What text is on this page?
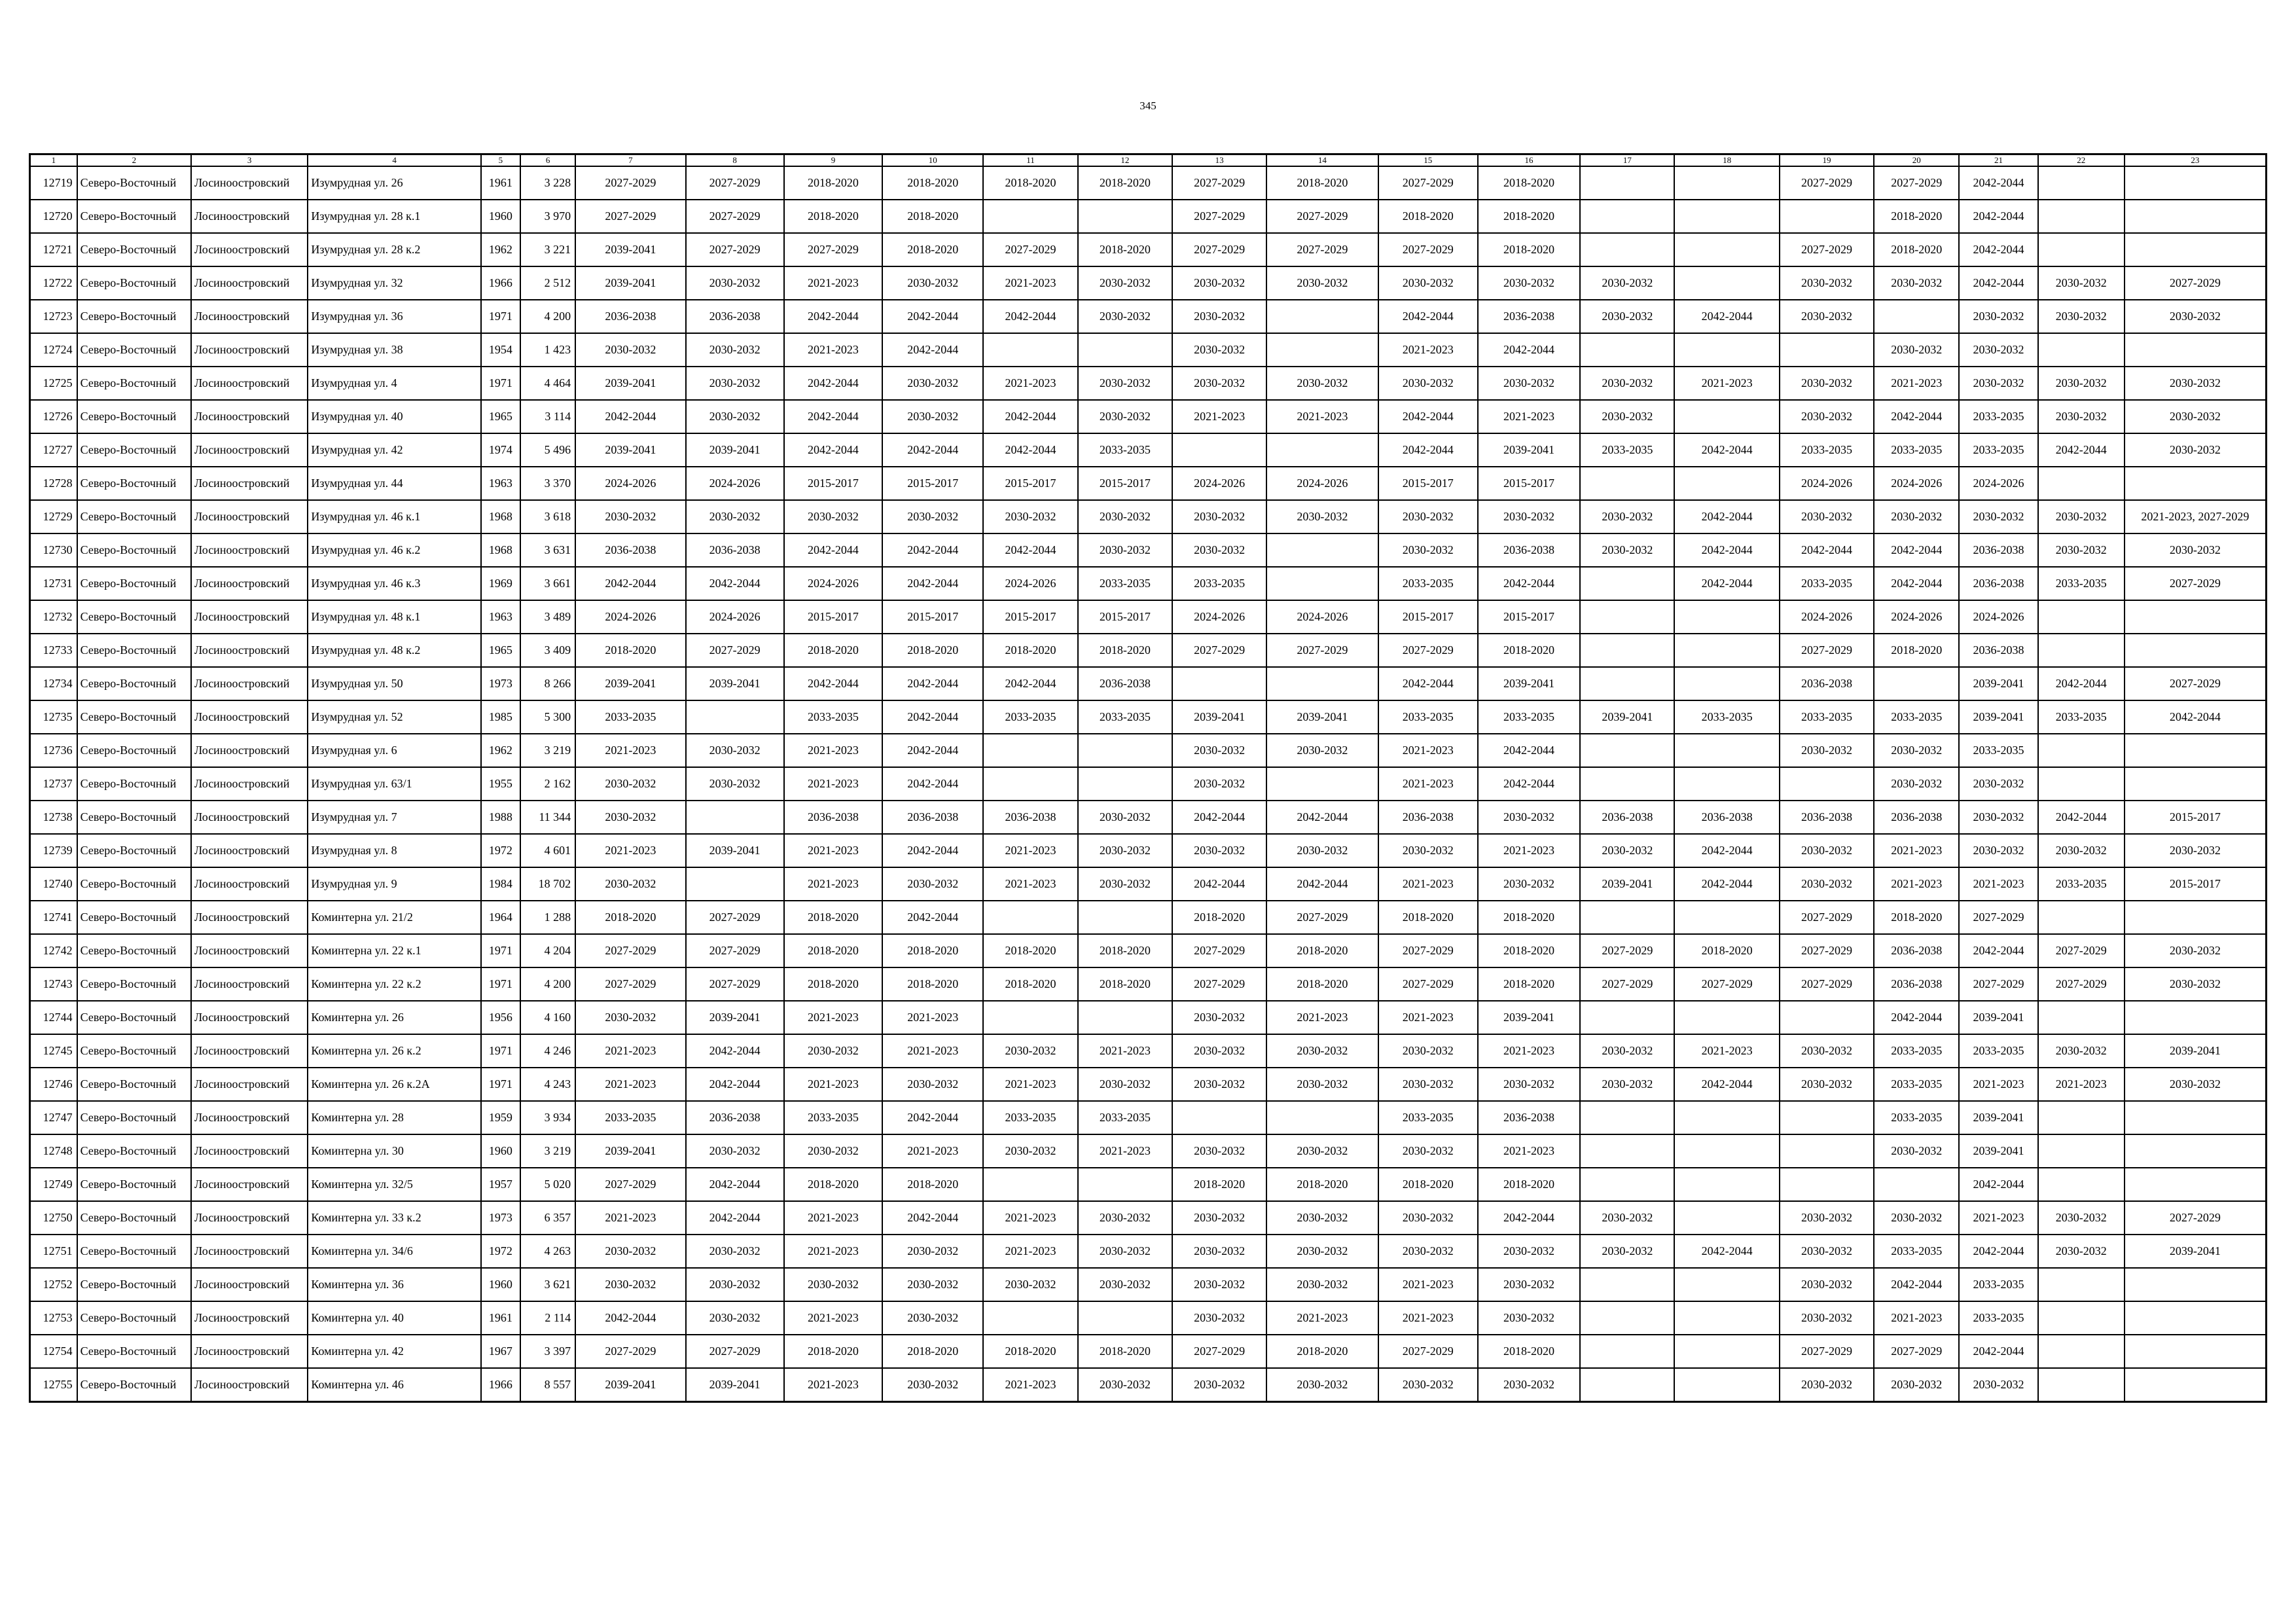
345
1	2	3	4	5	6	7	8	9	10	11	12	13	14	15	16	17	18	19	20	21	22	23
12719	Северо-Восточный	Лосиноостровский	Изумрудная ул. 26	1961	3 228	2027-2029	2027-2029	2018-2020	2018-2020	2018-2020	2018-2020	2027-2029	2018-2020	2027-2029	2018-2020			2027-2029	2027-2029	2042-2044		
12720	Северо-Восточный	Лосиноостровский	Изумрудная ул. 28 к.1	1960	3 970	2027-2029	2027-2029	2018-2020	2018-2020			2027-2029	2027-2029	2018-2020	2018-2020				2018-2020	2042-2044		
12721	Северо-Восточный	Лосиноостровский	Изумрудная ул. 28 к.2	1962	3 221	2039-2041	2027-2029	2027-2029	2018-2020	2027-2029	2018-2020	2027-2029	2027-2029	2027-2029	2018-2020			2027-2029	2018-2020	2042-2044		
12722	Северо-Восточный	Лосиноостровский	Изумрудная ул. 32	1966	2 512	2039-2041	2030-2032	2021-2023	2030-2032	2021-2023	2030-2032	2030-2032	2030-2032	2030-2032	2030-2032	2030-2032		2030-2032	2030-2032	2042-2044	2030-2032	2027-2029
12723	Северо-Восточный	Лосиноостровский	Изумрудная ул. 36	1971	4 200	2036-2038	2036-2038	2042-2044	2042-2044	2042-2044	2030-2032	2030-2032		2042-2044	2036-2038	2030-2032	2042-2044	2030-2032		2030-2032	2030-2032	2030-2032
12724	Северо-Восточный	Лосиноостровский	Изумрудная ул. 38	1954	1 423	2030-2032	2030-2032	2021-2023	2042-2044			2030-2032		2021-2023	2042-2044				2030-2032	2030-2032		
12725	Северо-Восточный	Лосиноостровский	Изумрудная ул. 4	1971	4 464	2039-2041	2030-2032	2042-2044	2030-2032	2021-2023	2030-2032	2030-2032	2030-2032	2030-2032	2030-2032	2030-2032	2021-2023	2030-2032	2021-2023	2030-2032	2030-2032	2030-2032
12726	Северо-Восточный	Лосиноостровский	Изумрудная ул. 40	1965	3 114	2042-2044	2030-2032	2042-2044	2030-2032	2042-2044	2030-2032	2021-2023	2021-2023	2042-2044	2021-2023	2030-2032		2030-2032	2042-2044	2033-2035	2030-2032	2030-2032
12727	Северо-Восточный	Лосиноостровский	Изумрудная ул. 42	1974	5 496	2039-2041	2039-2041	2042-2044	2042-2044	2042-2044	2033-2035			2042-2044	2039-2041	2033-2035	2042-2044	2033-2035	2033-2035	2033-2035	2042-2044	2030-2032
12728	Северо-Восточный	Лосиноостровский	Изумрудная ул. 44	1963	3 370	2024-2026	2024-2026	2015-2017	2015-2017	2015-2017	2015-2017	2024-2026	2024-2026	2015-2017	2015-2017			2024-2026	2024-2026	2024-2026		
12729	Северо-Восточный	Лосиноостровский	Изумрудная ул. 46 к.1	1968	3 618	2030-2032	2030-2032	2030-2032	2030-2032	2030-2032	2030-2032	2030-2032	2030-2032	2030-2032	2030-2032	2030-2032	2042-2044	2030-2032	2030-2032	2030-2032	2030-2032	2021-2023, 2027-2029
12730	Северо-Восточный	Лосиноостровский	Изумрудная ул. 46 к.2	1968	3 631	2036-2038	2036-2038	2042-2044	2042-2044	2042-2044	2030-2032	2030-2032		2030-2032	2036-2038	2030-2032	2042-2044	2042-2044	2042-2044	2036-2038	2030-2032	2030-2032
12731	Северо-Восточный	Лосиноостровский	Изумрудная ул. 46 к.3	1969	3 661	2042-2044	2042-2044	2024-2026	2042-2044	2024-2026	2033-2035	2033-2035		2033-2035	2042-2044		2042-2044	2033-2035	2042-2044	2036-2038	2033-2035	2027-2029
12732	Северо-Восточный	Лосиноостровский	Изумрудная ул. 48 к.1	1963	3 489	2024-2026	2024-2026	2015-2017	2015-2017	2015-2017	2015-2017	2024-2026	2024-2026	2015-2017	2015-2017			2024-2026	2024-2026	2024-2026		
12733	Северо-Восточный	Лосиноостровский	Изумрудная ул. 48 к.2	1965	3 409	2018-2020	2027-2029	2018-2020	2018-2020	2018-2020	2018-2020	2027-2029	2027-2029	2027-2029	2018-2020			2027-2029	2018-2020	2036-2038		
12734	Северо-Восточный	Лосиноостровский	Изумрудная ул. 50	1973	8 266	2039-2041	2039-2041	2042-2044	2042-2044	2042-2044	2036-2038			2042-2044	2039-2041			2036-2038		2039-2041	2042-2044	2027-2029
12735	Северо-Восточный	Лосиноостровский	Изумрудная ул. 52	1985	5 300	2033-2035		2033-2035	2042-2044	2033-2035	2033-2035	2039-2041	2039-2041	2033-2035	2033-2035	2039-2041	2033-2035	2033-2035	2033-2035	2039-2041	2033-2035	2042-2044
12736	Северо-Восточный	Лосиноостровский	Изумрудная ул. 6	1962	3 219	2021-2023	2030-2032	2021-2023	2042-2044			2030-2032	2030-2032	2021-2023	2042-2044			2030-2032	2030-2032	2033-2035		
12737	Северо-Восточный	Лосиноостровский	Изумрудная ул. 63/1	1955	2 162	2030-2032	2030-2032	2021-2023	2042-2044			2030-2032		2021-2023	2042-2044				2030-2032	2030-2032		
12738	Северо-Восточный	Лосиноостровский	Изумрудная ул. 7	1988	11 344	2030-2032		2036-2038	2036-2038	2036-2038	2030-2032	2042-2044	2042-2044	2036-2038	2030-2032	2036-2038	2036-2038	2036-2038	2036-2038	2030-2032	2042-2044	2015-2017
12739	Северо-Восточный	Лосиноостровский	Изумрудная ул. 8	1972	4 601	2021-2023	2039-2041	2021-2023	2042-2044	2021-2023	2030-2032	2030-2032	2030-2032	2030-2032	2021-2023	2030-2032	2042-2044	2030-2032	2021-2023	2030-2032	2030-2032	2030-2032
12740	Северо-Восточный	Лосиноостровский	Изумрудная ул. 9	1984	18 702	2030-2032		2021-2023	2030-2032	2021-2023	2030-2032	2042-2044	2042-2044	2021-2023	2030-2032	2039-2041	2042-2044	2030-2032	2021-2023	2021-2023	2033-2035	2015-2017
12741	Северо-Восточный	Лосиноостровский	Коминтерна ул. 21/2	1964	1 288	2018-2020	2027-2029	2018-2020	2042-2044			2018-2020	2027-2029	2018-2020	2018-2020			2027-2029	2018-2020	2027-2029		
12742	Северо-Восточный	Лосиноостровский	Коминтерна ул. 22 к.1	1971	4 204	2027-2029	2027-2029	2018-2020	2018-2020	2018-2020	2018-2020	2027-2029	2018-2020	2027-2029	2018-2020	2027-2029	2018-2020	2027-2029	2036-2038	2042-2044	2027-2029	2030-2032
12743	Северо-Восточный	Лосиноостровский	Коминтерна ул. 22 к.2	1971	4 200	2027-2029	2027-2029	2018-2020	2018-2020	2018-2020	2018-2020	2027-2029	2018-2020	2027-2029	2018-2020	2027-2029	2027-2029	2027-2029	2036-2038	2027-2029	2027-2029	2030-2032
12744	Северо-Восточный	Лосиноостровский	Коминтерна ул. 26	1956	4 160	2030-2032	2039-2041	2021-2023	2021-2023			2030-2032	2021-2023	2021-2023	2039-2041				2042-2044	2039-2041		
12745	Северо-Восточный	Лосиноостровский	Коминтерна ул. 26 к.2	1971	4 246	2021-2023	2042-2044	2030-2032	2021-2023	2030-2032	2021-2023	2030-2032	2030-2032	2030-2032	2021-2023	2030-2032	2021-2023	2030-2032	2033-2035	2033-2035	2030-2032	2039-2041
12746	Северо-Восточный	Лосиноостровский	Коминтерна ул. 26 к.2А	1971	4 243	2021-2023	2042-2044	2021-2023	2030-2032	2021-2023	2030-2032	2030-2032	2030-2032	2030-2032	2030-2032	2030-2032	2042-2044	2030-2032	2033-2035	2021-2023	2021-2023	2030-2032
12747	Северо-Восточный	Лосиноостровский	Коминтерна ул. 28	1959	3 934	2033-2035	2036-2038	2033-2035	2042-2044	2033-2035	2033-2035			2033-2035	2036-2038				2033-2035	2039-2041		
12748	Северо-Восточный	Лосиноостровский	Коминтерна ул. 30	1960	3 219	2039-2041	2030-2032	2030-2032	2021-2023	2030-2032	2021-2023	2030-2032	2030-2032	2030-2032	2021-2023				2030-2032	2039-2041		
12749	Северо-Восточный	Лосиноостровский	Коминтерна ул. 32/5	1957	5 020	2027-2029	2042-2044	2018-2020	2018-2020			2018-2020	2018-2020	2018-2020	2018-2020					2042-2044		
12750	Северо-Восточный	Лосиноостровский	Коминтерна ул. 33 к.2	1973	6 357	2021-2023	2042-2044	2021-2023	2042-2044	2021-2023	2030-2032	2030-2032	2030-2032	2030-2032	2042-2044	2030-2032		2030-2032	2030-2032	2021-2023	2030-2032	2027-2029
12751	Северо-Восточный	Лосиноостровский	Коминтерна ул. 34/6	1972	4 263	2030-2032	2030-2032	2021-2023	2030-2032	2021-2023	2030-2032	2030-2032	2030-2032	2030-2032	2030-2032	2030-2032	2042-2044	2030-2032	2033-2035	2042-2044	2030-2032	2039-2041
12752	Северо-Восточный	Лосиноостровский	Коминтерна ул. 36	1960	3 621	2030-2032	2030-2032	2030-2032	2030-2032	2030-2032	2030-2032	2030-2032	2030-2032	2021-2023	2030-2032			2030-2032	2042-2044	2033-2035		
12753	Северо-Восточный	Лосиноостровский	Коминтерна ул. 40	1961	2 114	2042-2044	2030-2032	2021-2023	2030-2032			2030-2032	2021-2023	2021-2023	2030-2032			2030-2032	2021-2023	2033-2035		
12754	Северо-Восточный	Лосиноостровский	Коминтерна ул. 42	1967	3 397	2027-2029	2027-2029	2018-2020	2018-2020	2018-2020	2018-2020	2027-2029	2018-2020	2027-2029	2018-2020			2027-2029	2027-2029	2042-2044		
12755	Северо-Восточный	Лосиноостровский	Коминтерна ул. 46	1966	8 557	2039-2041	2039-2041	2021-2023	2030-2032	2021-2023	2030-2032	2030-2032	2030-2032	2030-2032	2030-2032			2030-2032	2030-2032	2030-2032		
